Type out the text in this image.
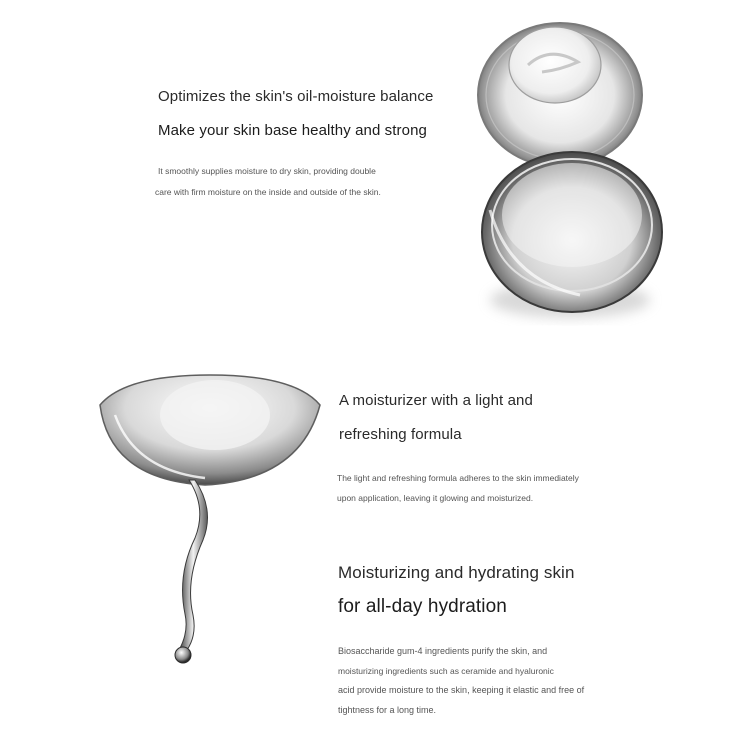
Optimizes the skin's oil-moisture balance
Make your skin base healthy and strong
It smoothly supplies moisture to dry skin, providing double
care with firm moisture on the inside and outside of the skin.
A moisturizer with a light and
refreshing formula
The light and refreshing formula adheres to the skin immediately
upon application, leaving it glowing and moisturized.
Moisturizing and hydrating skin
for all-day hydration
Biosaccharide gum-4 ingredients purify the skin, and
moisturizing ingredients such as ceramide and hyaluronic
acid provide moisture to the skin, keeping it elastic and free of
tightness for a long time.
